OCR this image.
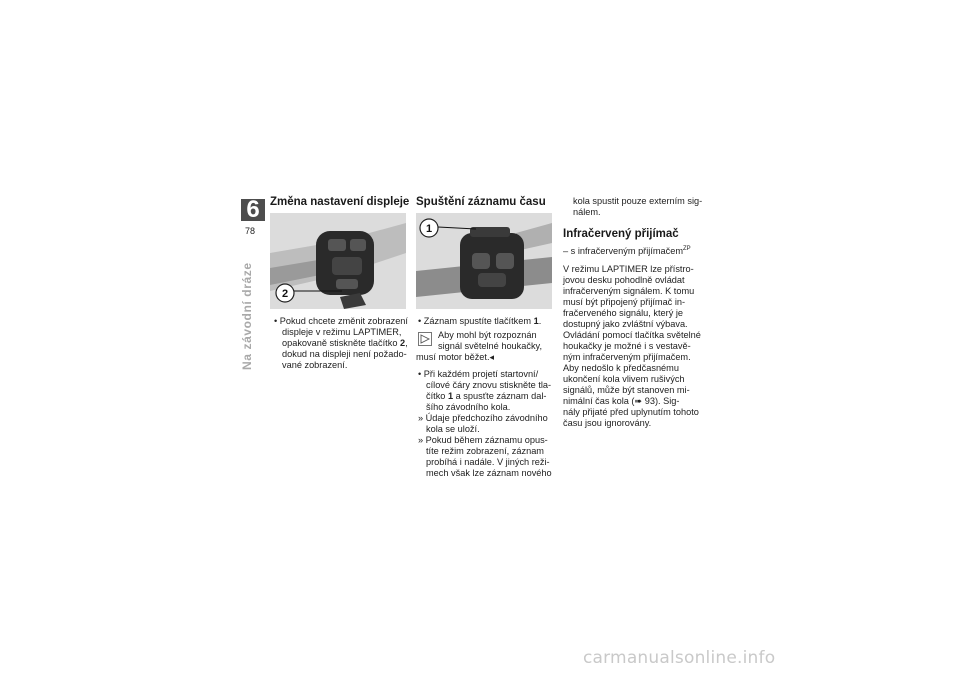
6
78
Na závodní dráze
Změna nastavení displeje
2

• Pokud chcete změnit zobrazení

displeje v režimu LAPTIMER,

opakovaně stiskněte tlačítko 2,

dokud na displeji není požado-

vané zobrazení.

Spuštění záznamu času
1

• Záznam spustíte tlačítkem 1.

Aby mohl být rozpoznán

signál světelné houkačky,

musí motor běžet.◂

• Při každém projetí startovní/

cílové čáry znovu stiskněte tla-

čítko 1 a spusťte záznam dal-

šího závodního kola.

» Údaje předchozího závodního

kola se uloží.

» Pokud během záznamu opus-

títe režim zobrazení, záznam

probíhá i nadále. V jiných reži-

mech však lze záznam nového

kola spustit pouze externím sig-

nálem.

Infračervený přijímač

– s infračerveným přijímačem$^{ZP}$

V režimu LAPTIMER lze přístro-

jovou desku pohodlně ovládat

infračerveným signálem. K tomu

musí být připojený přijímač in-

fračerveného signálu, který je

dostupný jako zvláštní výbava.

Ovládání pomocí tlačítka světelné

houkačky je možné i s vestavě-

ným infračerveným přijímačem.

Aby nedošlo k předčasnému

ukončení kola vlivem rušivých

signálů, může být stanoven mi-

nimální čas kola (➠ 93). Sig-

nály přijaté před uplynutím tohoto

času jsou ignorovány.

carmanualsonline.info
